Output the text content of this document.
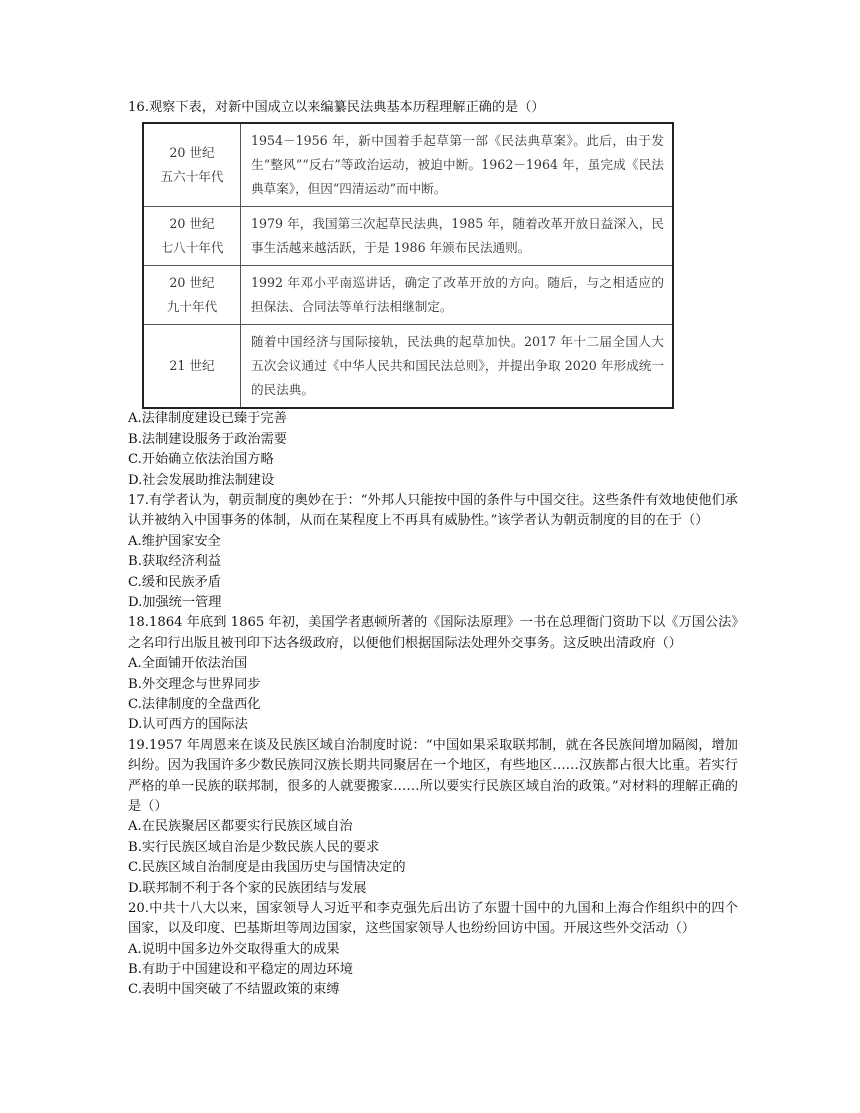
16.观察下表，对新中国成立以来编纂民法典基本历程理解正确的是（）
20 世纪
五六十年代	1954－1956 年，新中国着手起草第一部《民法典草案》。此后，由于发生“整风”“反右”等政治运动，被迫中断。1962－1964 年，虽完成《民法典草案》，但因“四清运动”而中断。

20 世纪
七八十年代	1979 年，我国第三次起草民法典，1985 年，随着改革开放日益深入，民事生活越来越活跃，于是 1986 年颁布民法通则。

20 世纪
九十年代	1992 年邓小平南巡讲话，确定了改革开放的方向。随后，与之相适应的担保法、合同法等单行法相继制定。

21 世纪	随着中国经济与国际接轨，民法典的起草加快。2017 年十二届全国人大五次会议通过《中华人民共和国民法总则》，并提出争取 2020 年形成统一的民法典。
A.法律制度建设已臻于完善
B.法制建设服务于政治需要
C.开始确立依法治国方略
D.社会发展助推法制建设
17.有学者认为，朝贡制度的奥妙在于：“外邦人只能按中国的条件与中国交往。这些条件有效地使他们承认并被纳入中国事务的体制，从而在某程度上不再具有威胁性。”该学者认为朝贡制度的目的在于（）
A.维护国家安全
B.获取经济利益
C.缓和民族矛盾
D.加强统一管理
18.1864 年底到 1865 年初，美国学者惠顿所著的《国际法原理》一书在总理衙门资助下以《万国公法》之名印行出版且被刊印下达各级政府，以便他们根据国际法处理外交事务。这反映出清政府（）
A.全面铺开依法治国
B.外交理念与世界同步
C.法律制度的全盘西化
D.认可西方的国际法
19.1957 年周恩来在谈及民族区域自治制度时说：“中国如果采取联邦制，就在各民族间增加隔阂，增加纠纷。因为我国许多少数民族同汉族长期共同聚居在一个地区，有些地区……汉族都占很大比重。若实行严格的单一民族的联邦制，很多的人就要搬家……所以要实行民族区域自治的政策。”对材料的理解正确的是（）
A.在民族聚居区都要实行民族区域自治
B.实行民族区域自治是少数民族人民的要求
C.民族区域自治制度是由我国历史与国情决定的
D.联邦制不利于各个家的民族团结与发展
20.中共十八大以来，国家领导人习近平和李克强先后出访了东盟十国中的九国和上海合作组织中的四个国家，以及印度、巴基斯坦等周边国家，这些国家领导人也纷纷回访中国。开展这些外交活动（）
A.说明中国多边外交取得重大的成果
B.有助于中国建设和平稳定的周边环境
C.表明中国突破了不结盟政策的束缚
